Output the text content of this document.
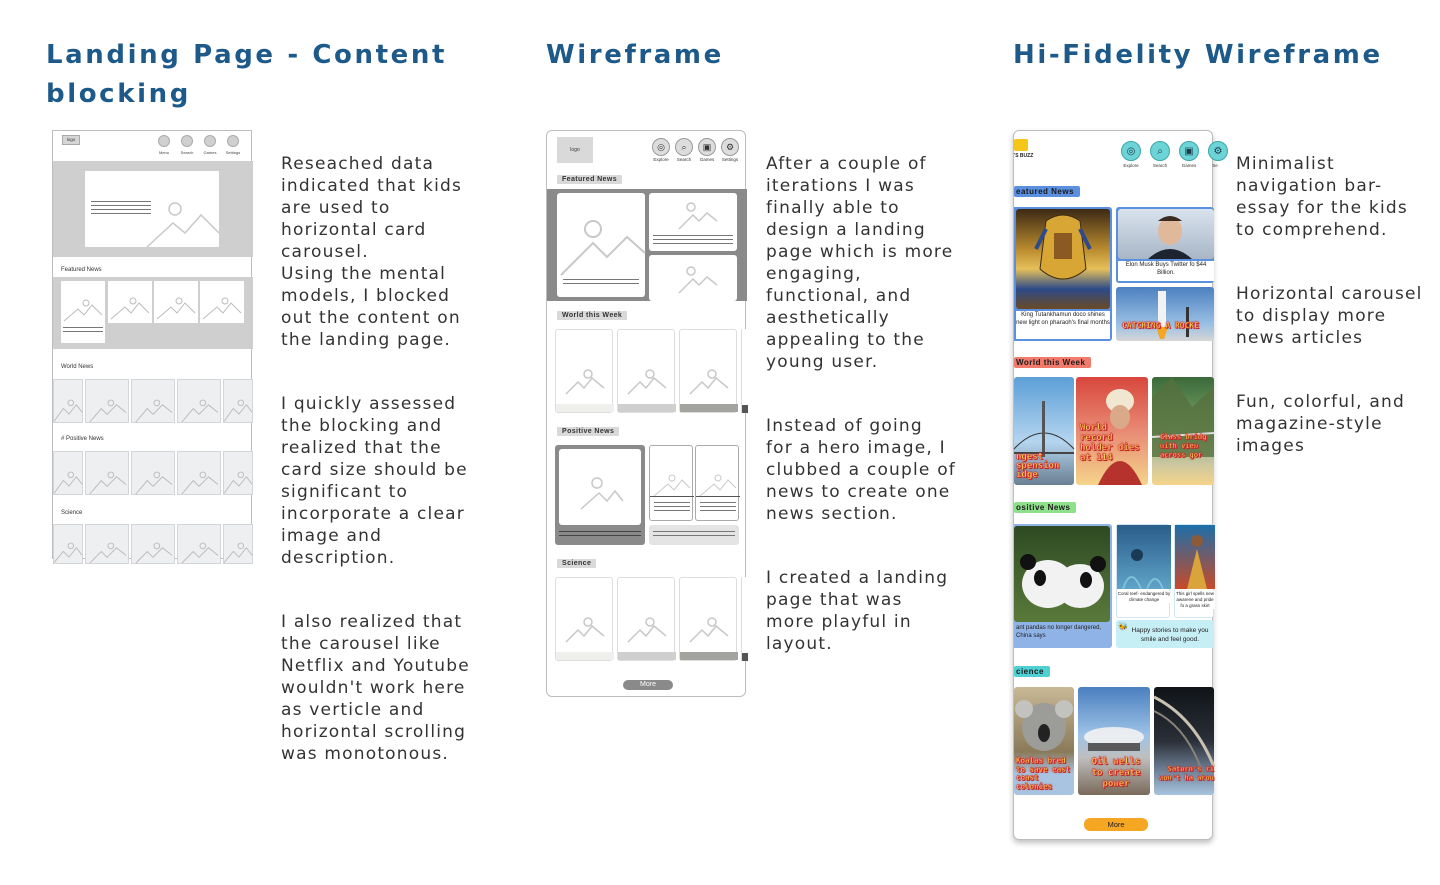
Landing Page - Content blocking
Wireframe	Hi-Fidelity Wireframe

Reseached data indicated that kids are used to horizontal card carousel.
Using the mental models, I blocked out the content on the landing page.

I quickly assessed the blocking and realized that the card size should be significant to incorporate a clear image and description.

I also realized that the carousel like Netflix and Youtube wouldn't work here as verticle and horizontal scrolling was monotonous.

After a couple of iterations I was finally able to design a landing page which is more engaging, functional, and aesthetically appealing to the young user.

Instead of going for a hero image, I clubbed a couple of news to create one news section.

I created a landing page that was more playful in layout.

Minimalist navigation bar- essay for the kids to comprehend.

Horizontal carousel to display more news articles

Fun, colorful, and magazine-style images

logo
Menu	Search	Games	Settings
Featured News
World News
# Positive News
Science
logo	◎	⌕	▣	⚙
Explore	Search	Games	Settings
Featured News
World this Week
Positive News
Science
More
'S BUZZ	◎	⌕	▣	⚙
Explore	Search	Games	Se
eatured News
King Tutankhamun doco shines new light on pharaoh's final months
Elon Musk Buys Twitter fo $44 Billion.
CATCHING A ROCKE
World this Week
ngest spension idge
World record holder dies at 114
Glass bridg with view across gor
ositive News
ant pandas no longer dangered, China says
Coral reef- endangered by climate change
This girl spells new awarene and pride fo a grass skirt
🐝 Happy stories to make you smile and feel good.
cience
Koalas bred to save east coast colonies
Oil wells to create power
Saturn's ri won't ha arou
More
